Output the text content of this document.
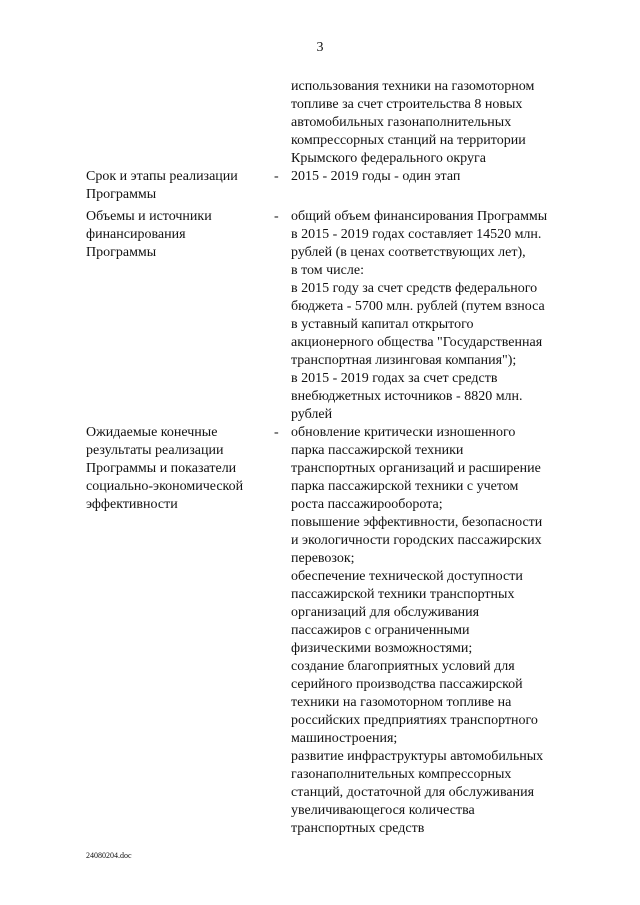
3
использования техники на газомоторном
топливе за счет строительства 8 новых
автомобильных газонаполнительных
компрессорных станций на территории
Крымского федерального округа
Срок и этапы реализации
Программы
- 2015 - 2019 годы - один этап
Объемы и источники
финансирования
Программы
- общий объем финансирования Программы
в 2015 - 2019 годах составляет 14520 млн.
рублей (в ценах соответствующих лет),
в том числе:
в 2015 году за счет средств федерального
бюджета - 5700 млн. рублей (путем взноса
в уставный капитал открытого
акционерного общества "Государственная
транспортная лизинговая компания");
в 2015 - 2019 годах за счет средств
внебюджетных источников - 8820 млн.
рублей
Ожидаемые конечные
результаты реализации
Программы и показатели
социально-экономической
эффективности
- обновление критически изношенного
парка пассажирской техники
транспортных организаций и расширение
парка пассажирской техники с учетом
роста пассажирооборота;
повышение эффективности, безопасности
и экологичности городских пассажирских
перевозок;
обеспечение технической доступности
пассажирской техники транспортных
организаций для обслуживания
пассажиров с ограниченными
физическими возможностями;
создание благоприятных условий для
серийного производства пассажирской
техники на газомоторном топливе на
российских предприятиях транспортного
машиностроения;
развитие инфраструктуры автомобильных
газонаполнительных компрессорных
станций, достаточной для обслуживания
увеличивающегося количества
транспортных средств
24080204.doc
